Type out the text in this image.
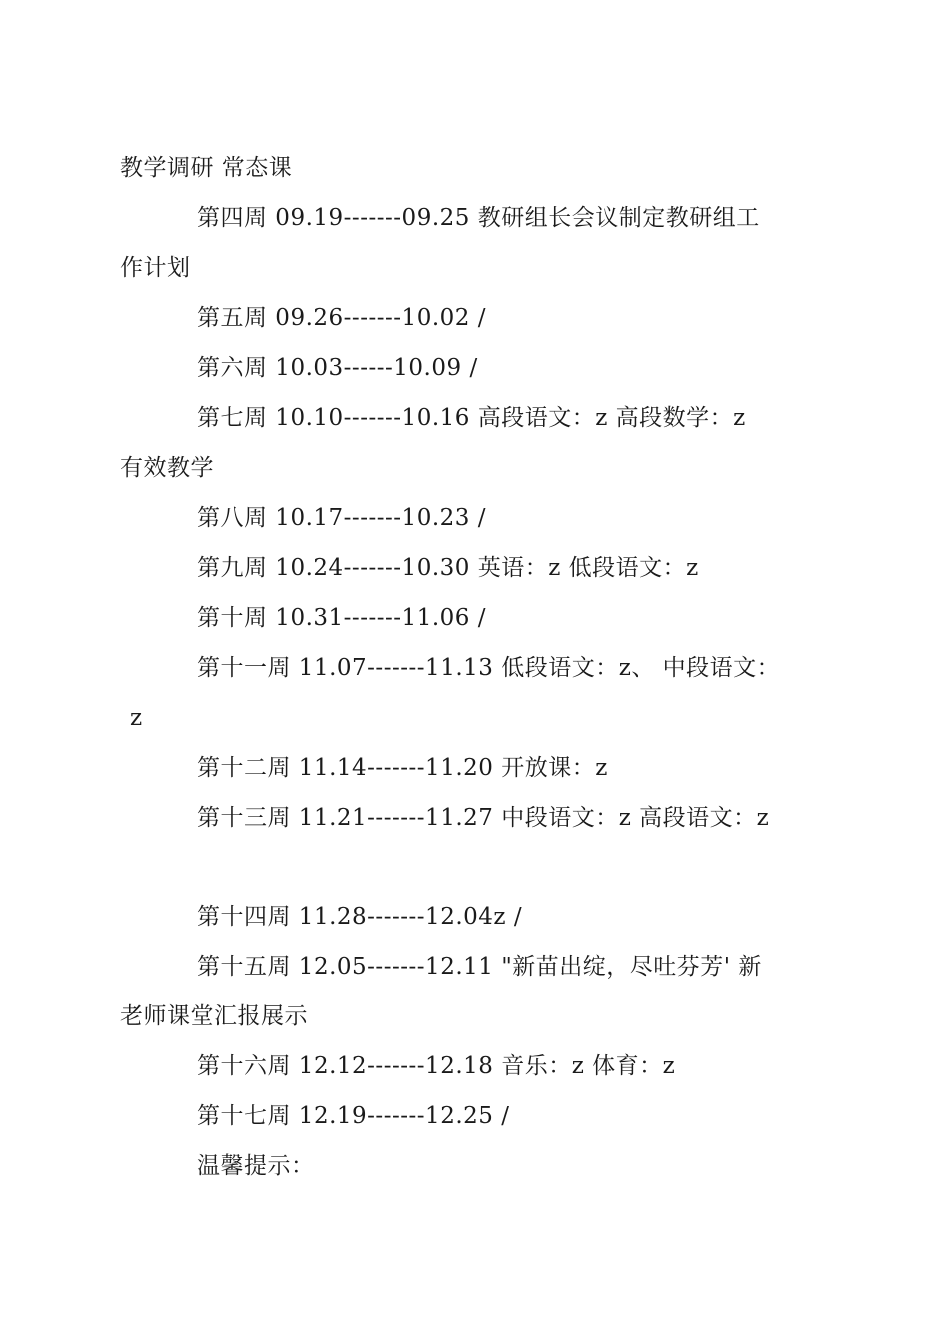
教学调研 常态课
第四周 09.19-------09.25 教研组长会议制定教研组工
作计划
第五周 09.26-------10.02 /
第六周 10.03------10.09 /
第七周 10.10-------10.16 高段语文：z 高段数学：z
有效教学
第八周 10.17-------10.23 /
第九周 10.24-------10.30 英语：z 低段语文：z
第十周 10.31-------11.06 /
第十一周 11.07-------11.13 低段语文：z、 中段语文：
z
第十二周 11.14-------11.20 开放课：z
第十三周 11.21-------11.27 中段语文：z 高段语文：z
第十四周 11.28-------12.04z /
第十五周 12.05-------12.11 "新苗出绽，尽吐芬芳' 新
老师课堂汇报展示
第十六周 12.12-------12.18 音乐：z 体育：z
第十七周 12.19-------12.25 /
温馨提示：
